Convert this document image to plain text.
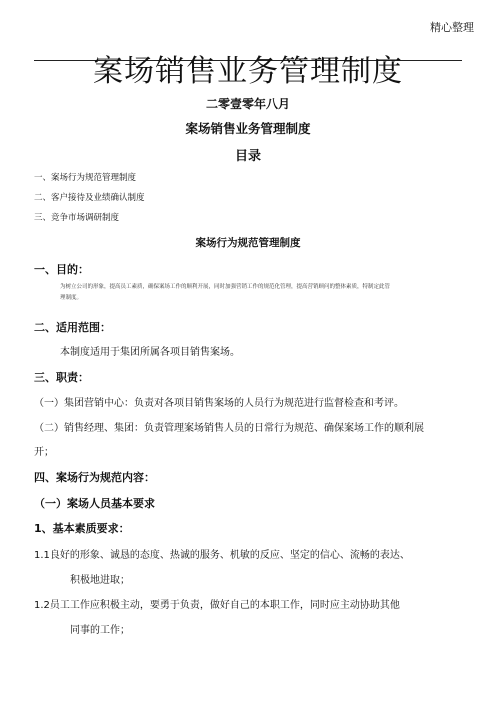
精心整理
案场销售业务管理制度
二零壹零年八月
案场销售业务管理制度
目录
一、案场行为规范管理制度
二、客户接待及业绩确认制度
三、竞争市场调研制度
案场行为规范管理制度
一、目的：
为树立公司的形象，提高员工素质，确保案场工作的顺利开展，同时加强营销工作的规范化管理，提高营销顾问的整体素质，特制定此管
理制度。
二、适用范围：
本制度适用于集团所属各项目销售案场。
三、职责：
（一）集团营销中心：负责对各项目销售案场的人员行为规范进行监督检查和考评。
（二）销售经理、集团：负责管理案场销售人员的日常行为规范、确保案场工作的顺利展
开；
四、案场行为规范内容：
（一）案场人员基本要求
1、基本素质要求：
1.1良好的形象、诚恳的态度、热诚的服务、机敏的反应、坚定的信心、流畅的表达、
积极地进取；
1.2员工工作应积极主动，要勇于负责，做好自己的本职工作，同时应主动协助其他
同事的工作；
